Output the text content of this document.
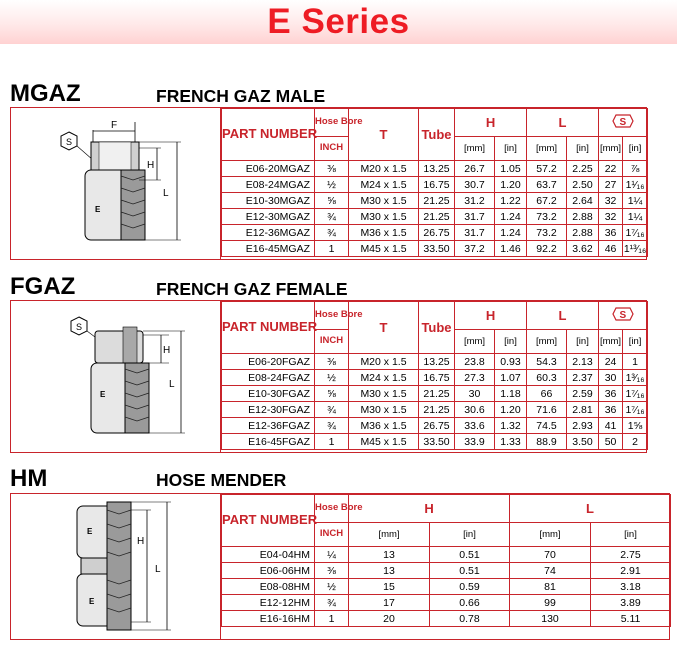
E Series
MGAZ	FRENCH GAZ MALE
F
S
E
H
L
PART NUMBER	Hose Bore	T	Tube	H		L		S	

	INCH			[mm]	[in]	[mm]	[in]	[mm]	[in]
E06-20MGAZ	⅜	M20 x 1.5	13.25	26.7	1.05	57.2	2.25	22	⅞
E08-24MGAZ	½	M24 x 1.5	16.75	30.7	1.20	63.7	2.50	27	1¹⁄₁₆
E10-30MGAZ	⅝	M30 x 1.5	21.25	31.2	1.22	67.2	2.64	32	1¼
E12-30MGAZ	¾	M30 x 1.5	21.25	31.7	1.24	73.2	2.88	32	1¼
E12-36MGAZ	¾	M36 x 1.5	26.75	31.7	1.24	73.2	2.88	36	1⁷⁄₁₆
E16-45MGAZ	1	M45 x 1.5	33.50	37.2	1.46	92.2	3.62	46	1¹³⁄₁₆
FGAZ	FRENCH GAZ FEMALE
S
E
H
L
PART NUMBER	Hose Bore	T	Tube	H		L		S	

	INCH			[mm]	[in]	[mm]	[in]	[mm]	[in]
E06-20FGAZ	⅜	M20 x 1.5	13.25	23.8	0.93	54.3	2.13	24	1
E08-24FGAZ	½	M24 x 1.5	16.75	27.3	1.07	60.3	2.37	30	1³⁄₁₆
E10-30FGAZ	⅝	M30 x 1.5	21.25	30	1.18	66	2.59	36	1⁷⁄₁₆
E12-30FGAZ	¾	M30 x 1.5	21.25	30.6	1.20	71.6	2.81	36	1⁷⁄₁₆
E12-36FGAZ	¾	M36 x 1.5	26.75	33.6	1.32	74.5	2.93	41	1⅝
E16-45FGAZ	1	M45 x 1.5	33.50	33.9	1.33	88.9	3.50	50	2
HM	HOSE MENDER
E
E
H
L
PART NUMBER	Hose Bore	H		L	
	INCH	[mm]	[in]	[mm]	[in]
E04-04HM	¼	13	0.51	70	2.75
E06-06HM	⅜	13	0.51	74	2.91
E08-08HM	½	15	0.59	81	3.18
E12-12HM	¾	17	0.66	99	3.89
E16-16HM	1	20	0.78	130	5.11
